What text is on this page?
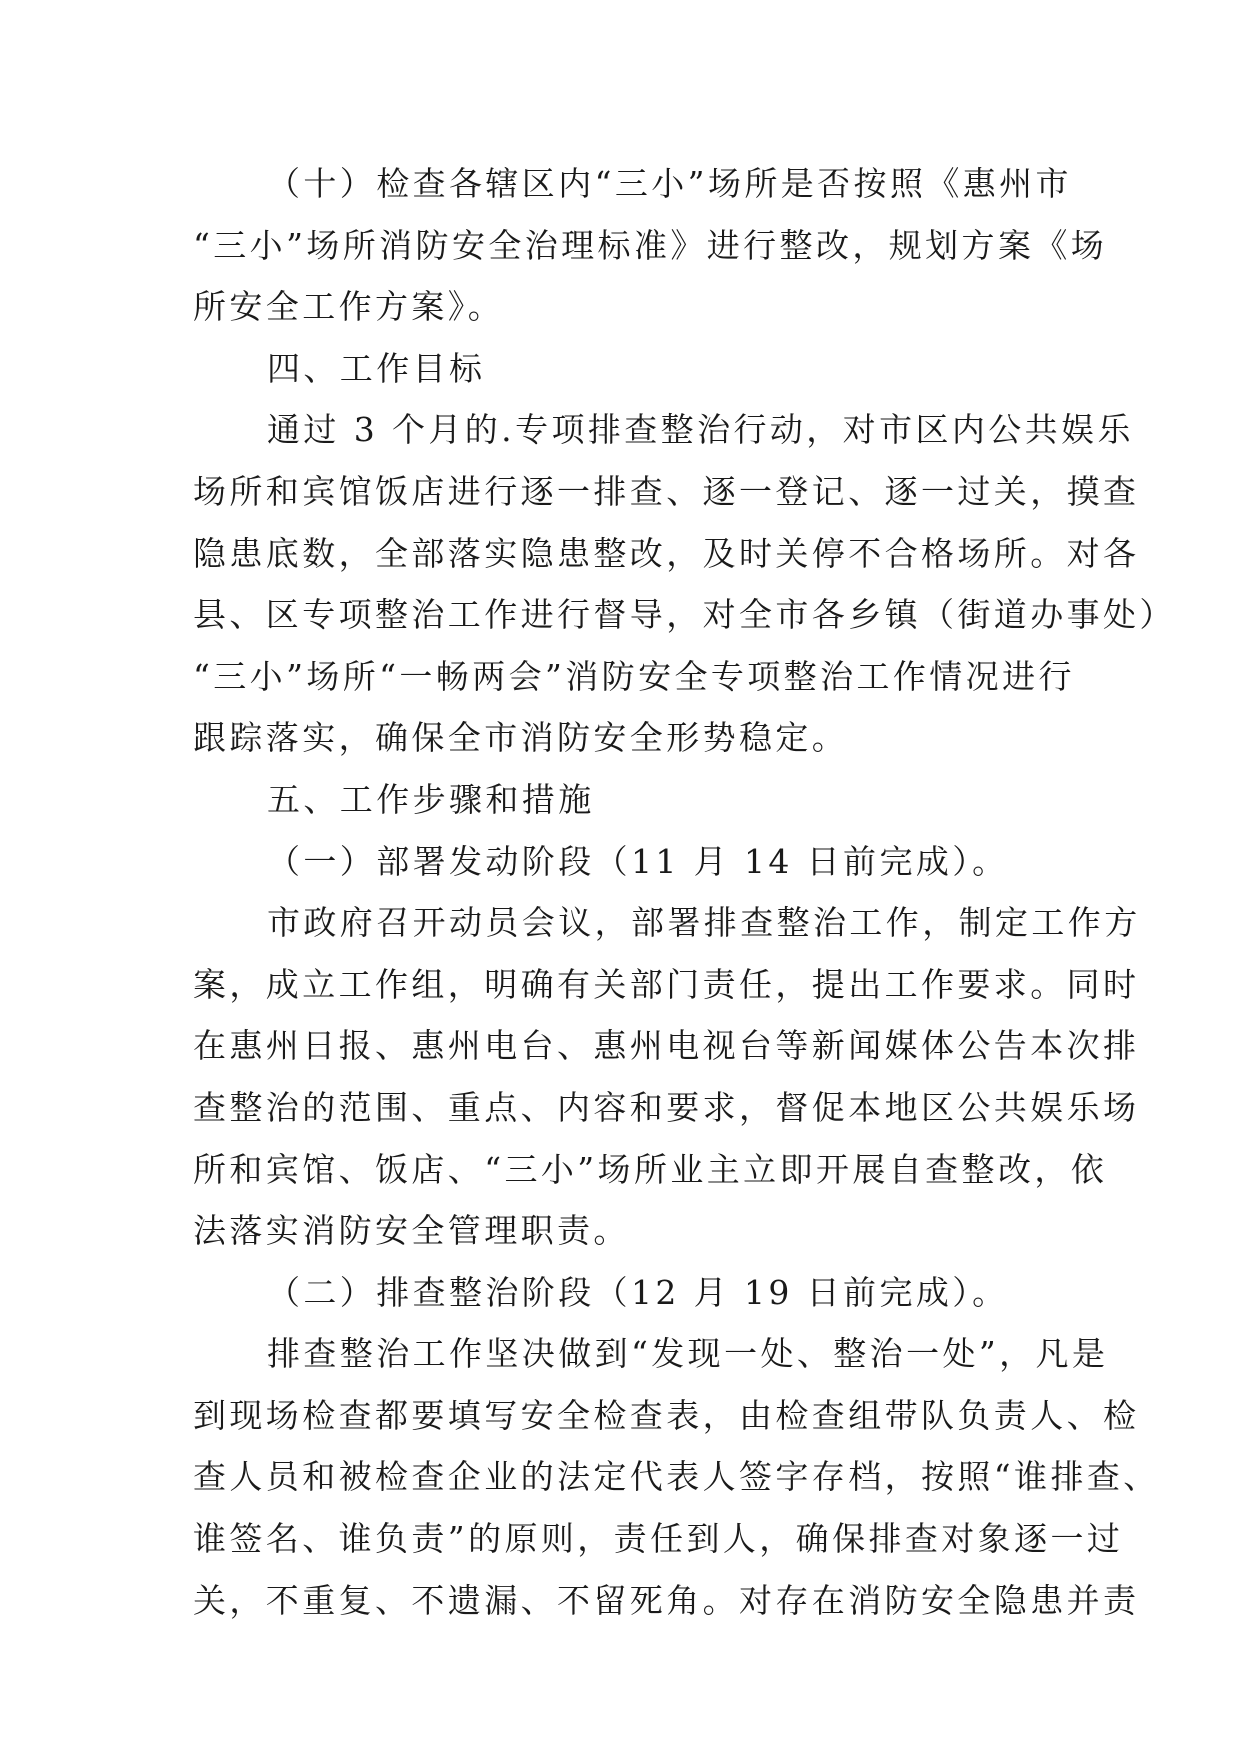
（十）检查各辖区内“三小”场所是否按照《惠州市
“三小”场所消防安全治理标准》进行整改，规划方案《场
所安全工作方案》。
四、工作目标
通过 3 个月的.专项排查整治行动，对市区内公共娱乐
场所和宾馆饭店进行逐一排查、逐一登记、逐一过关，摸查
隐患底数，全部落实隐患整改，及时关停不合格场所。对各
县、区专项整治工作进行督导，对全市各乡镇（街道办事处）
“三小”场所“一畅两会”消防安全专项整治工作情况进行
跟踪落实，确保全市消防安全形势稳定。
五、工作步骤和措施
（一）部署发动阶段（11 月 14 日前完成）。
市政府召开动员会议，部署排查整治工作，制定工作方
案，成立工作组，明确有关部门责任，提出工作要求。同时
在惠州日报、惠州电台、惠州电视台等新闻媒体公告本次排
查整治的范围、重点、内容和要求，督促本地区公共娱乐场
所和宾馆、饭店、“三小”场所业主立即开展自查整改，依
法落实消防安全管理职责。
（二）排查整治阶段（12 月 19 日前完成）。
排查整治工作坚决做到“发现一处、整治一处”，凡是
到现场检查都要填写安全检查表，由检查组带队负责人、检
查人员和被检查企业的法定代表人签字存档，按照“谁排查、
谁签名、谁负责”的原则，责任到人，确保排查对象逐一过
关，不重复、不遗漏、不留死角。对存在消防安全隐患并责
